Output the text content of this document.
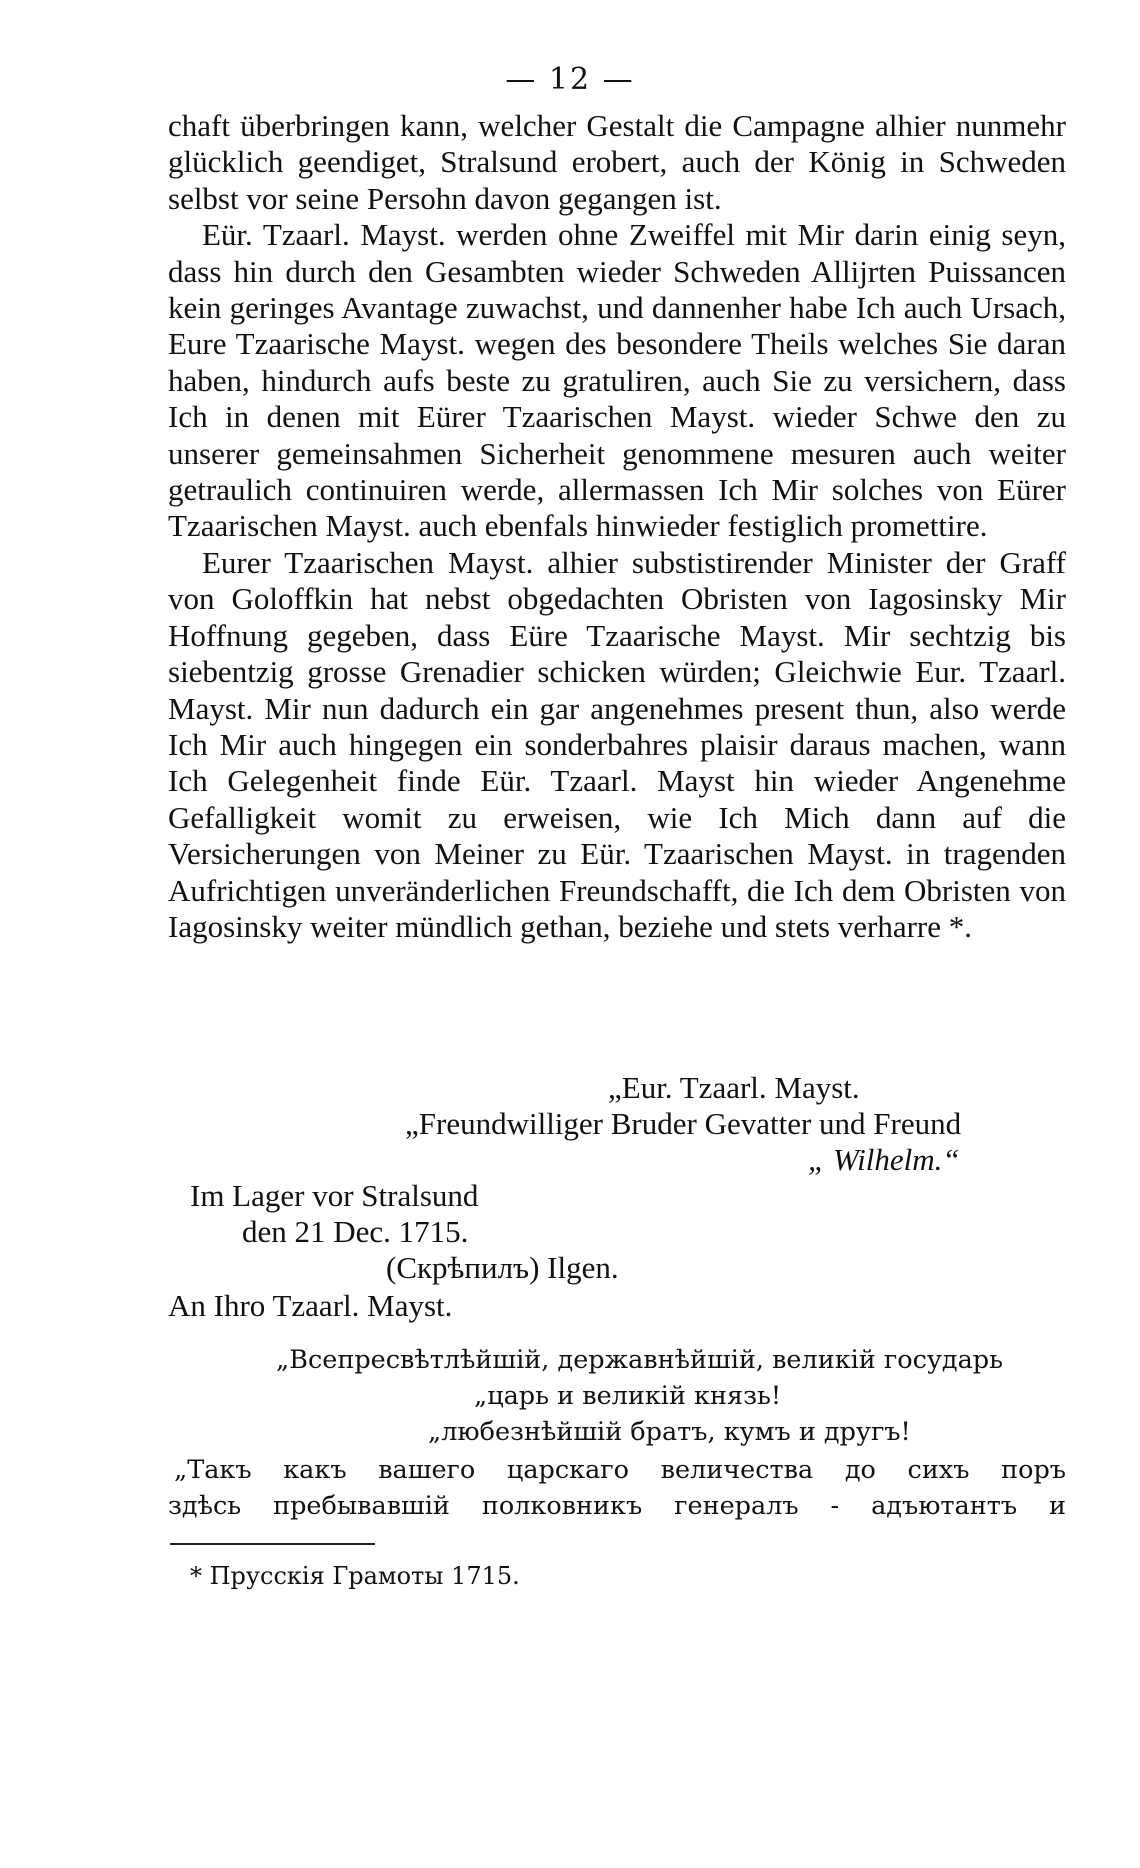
— 12 —

chaft überbringen kann, welcher Gestalt die Campagne alhier nunmehr glücklich geendiget, Stralsund erobert, auch der König in Schweden selbst vor seine Persohn davon gegangen ist.

Eür. Tzaarl. Mayst. werden ohne Zweiffel mit Mir darin einig seyn, dass hin durch den Gesambten wieder Schweden Allijrten Puissancen kein geringes Avantage zuwachst, und dannenher habe Ich auch Ursach, Eure Tzaarische Mayst. wegen des besondere Theils welches Sie daran haben, hindurch aufs beste zu gratuliren, auch Sie zu versichern, dass Ich in denen mit Eürer Tzaarischen Mayst. wieder Schwe den zu unserer gemeinsahmen Sicherheit genommene mesuren auch weiter getraulich continuiren werde, allermassen Ich Mir solches von Eürer Tzaarischen Mayst. auch ebenfals hinwieder festiglich promettire.

Eurer Tzaarischen Mayst. alhier substistirender Minister der Graff von Goloffkin hat nebst obgedachten Obristen von Iagosinsky Mir Hoffnung gegeben, dass Eüre Tzaarische Mayst. Mir sechtzig bis siebentzig grosse Grenadier schicken würden; Gleichwie Eur. Tzaarl. Mayst. Mir nun dadurch ein gar angenehmes present thun, also werde Ich Mir auch hingegen ein sonderbahres plaisir daraus machen, wann Ich Gelegenheit finde Eür. Tzaarl. Mayst hin wieder Angenehme Gefalligkeit womit zu erweisen, wie Ich Mich dann auf die Versicherungen von Meiner zu Eür. Tzaarischen Mayst. in tragenden Aufrichtigen unveränderlichen Freundschafft, die Ich dem Obristen von Iagosinsky weiter mündlich gethan, beziehe und stets verharre *.

„Eur. Tzaarl. Mayst.
„Freundwilliger Bruder Gevatter und Freund
„ Wilhelm.“
Im Lager vor Stralsund
den 21 Dec. 1715.
(Скрѣпилъ) Ilgen.
An Ihro Tzaarl. Mayst.
„Всепресвѣтлѣйшій, державнѣйшій, великій государь
„царь и великій князь!
„любезнѣйшій братъ, кумъ и другъ!
„Такъ какъ вашего царскаго величества до сихъ поръ
здѣсь пребывавшій полковникъ генералъ - адъютантъ и
* Прусскія Грамоты 1715.
